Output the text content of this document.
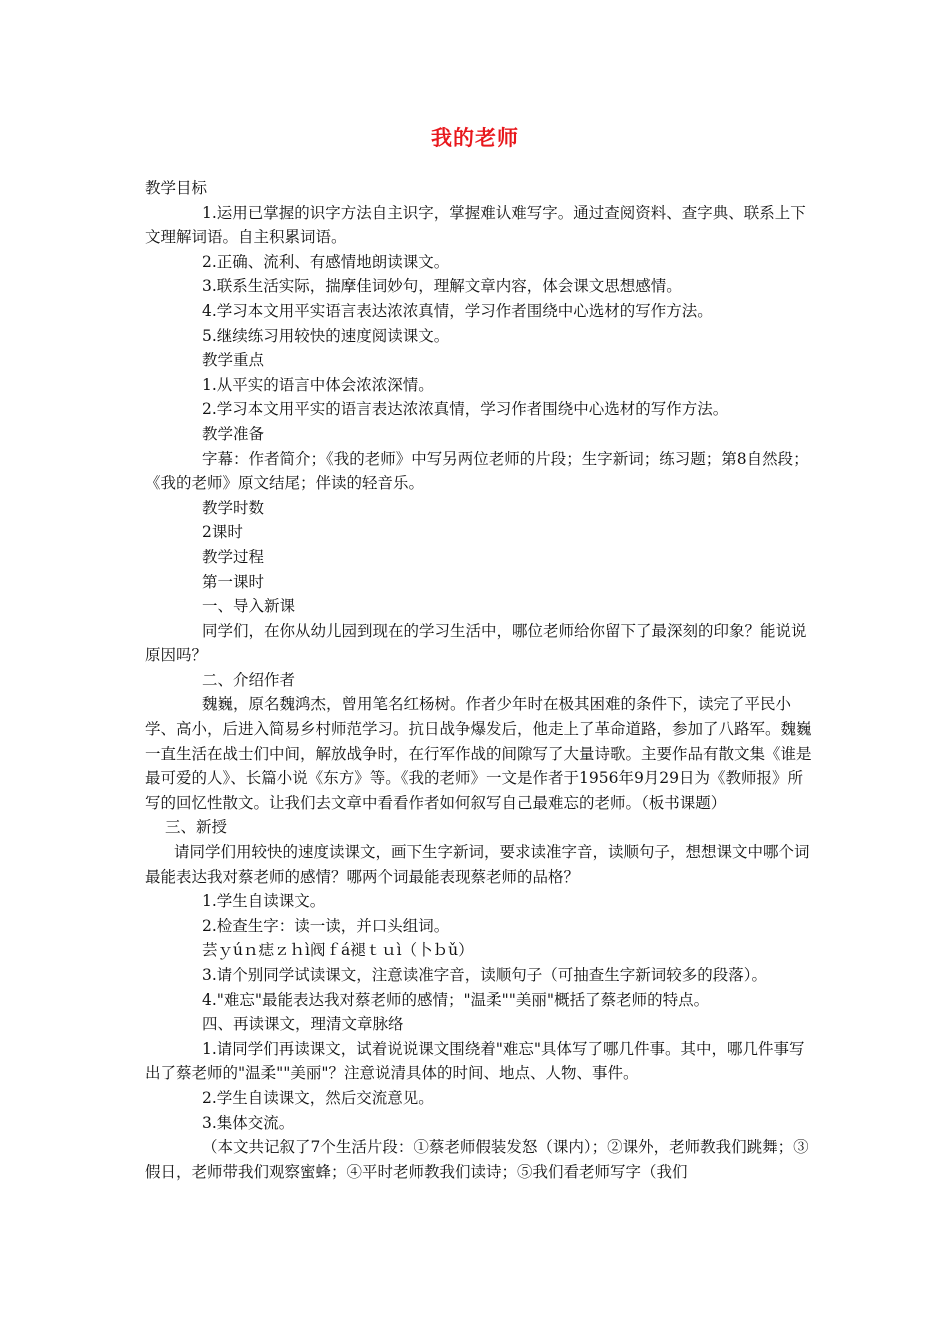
我的老师

教学目标

1.运用已掌握的识字方法自主识字，掌握难认难写字。通过查阅资料、查字典、联系上下文理解词语。自主积累词语。

2.正确、流利、有感情地朗读课文。

3.联系生活实际，揣摩佳词妙句，理解文章内容，体会课文思想感情。

4.学习本文用平实语言表达浓浓真情，学习作者围绕中心选材的写作方法。

5.继续练习用较快的速度阅读课文。

教学重点

1.从平实的语言中体会浓浓深情。

2.学习本文用平实的语言表达浓浓真情，学习作者围绕中心选材的写作方法。

教学准备

字幕：作者简介；《我的老师》中写另两位老师的片段；生字新词；练习题；第8自然段；《我的老师》原文结尾；伴读的轻音乐。

教学时数

2课时

教学过程

第一课时

一、导入新课

同学们，在你从幼儿园到现在的学习生活中，哪位老师给你留下了最深刻的印象？能说说原因吗？

二、介绍作者

魏巍，原名魏鸿杰，曾用笔名红杨树。作者少年时在极其困难的条件下，读完了平民小学、高小，后进入简易乡村师范学习。抗日战争爆发后，他走上了革命道路，参加了八路军。魏巍一直生活在战士们中间，解放战争时，在行军作战的间隙写了大量诗歌。主要作品有散文集《谁是最可爱的人》、长篇小说《东方》等。《我的老师》一文是作者于1956年9月29日为《教师报》所写的回忆性散文。让我们去文章中看看作者如何叙写自己最难忘的老师。（板书课题）

三、新授

请同学们用较快的速度读课文，画下生字新词，要求读准字音，读顺句子，想想课文中哪个词最能表达我对蔡老师的感情？哪两个词最能表现蔡老师的品格？

1.学生自读课文。

2.检查生字：读一读，并口头组词。

芸ｙúｎ痣ｚｈì阀ｆá褪ｔｕì（卜ｂǔ）

3.请个别同学试读课文，注意读准字音，读顺句子（可抽查生字新词较多的段落）。

4."难忘"最能表达我对蔡老师的感情；"温柔""美丽"概括了蔡老师的特点。

四、再读课文，理清文章脉络

1.请同学们再读课文，试着说说课文围绕着"难忘"具体写了哪几件事。其中，哪几件事写出了蔡老师的"温柔""美丽"？注意说清具体的时间、地点、人物、事件。

2.学生自读课文，然后交流意见。

3.集体交流。

（本文共记叙了7个生活片段：①蔡老师假装发怒（课内）；②课外，老师教我们跳舞；③假日，老师带我们观察蜜蜂；④平时老师教我们读诗；⑤我们看老师写字（我们
